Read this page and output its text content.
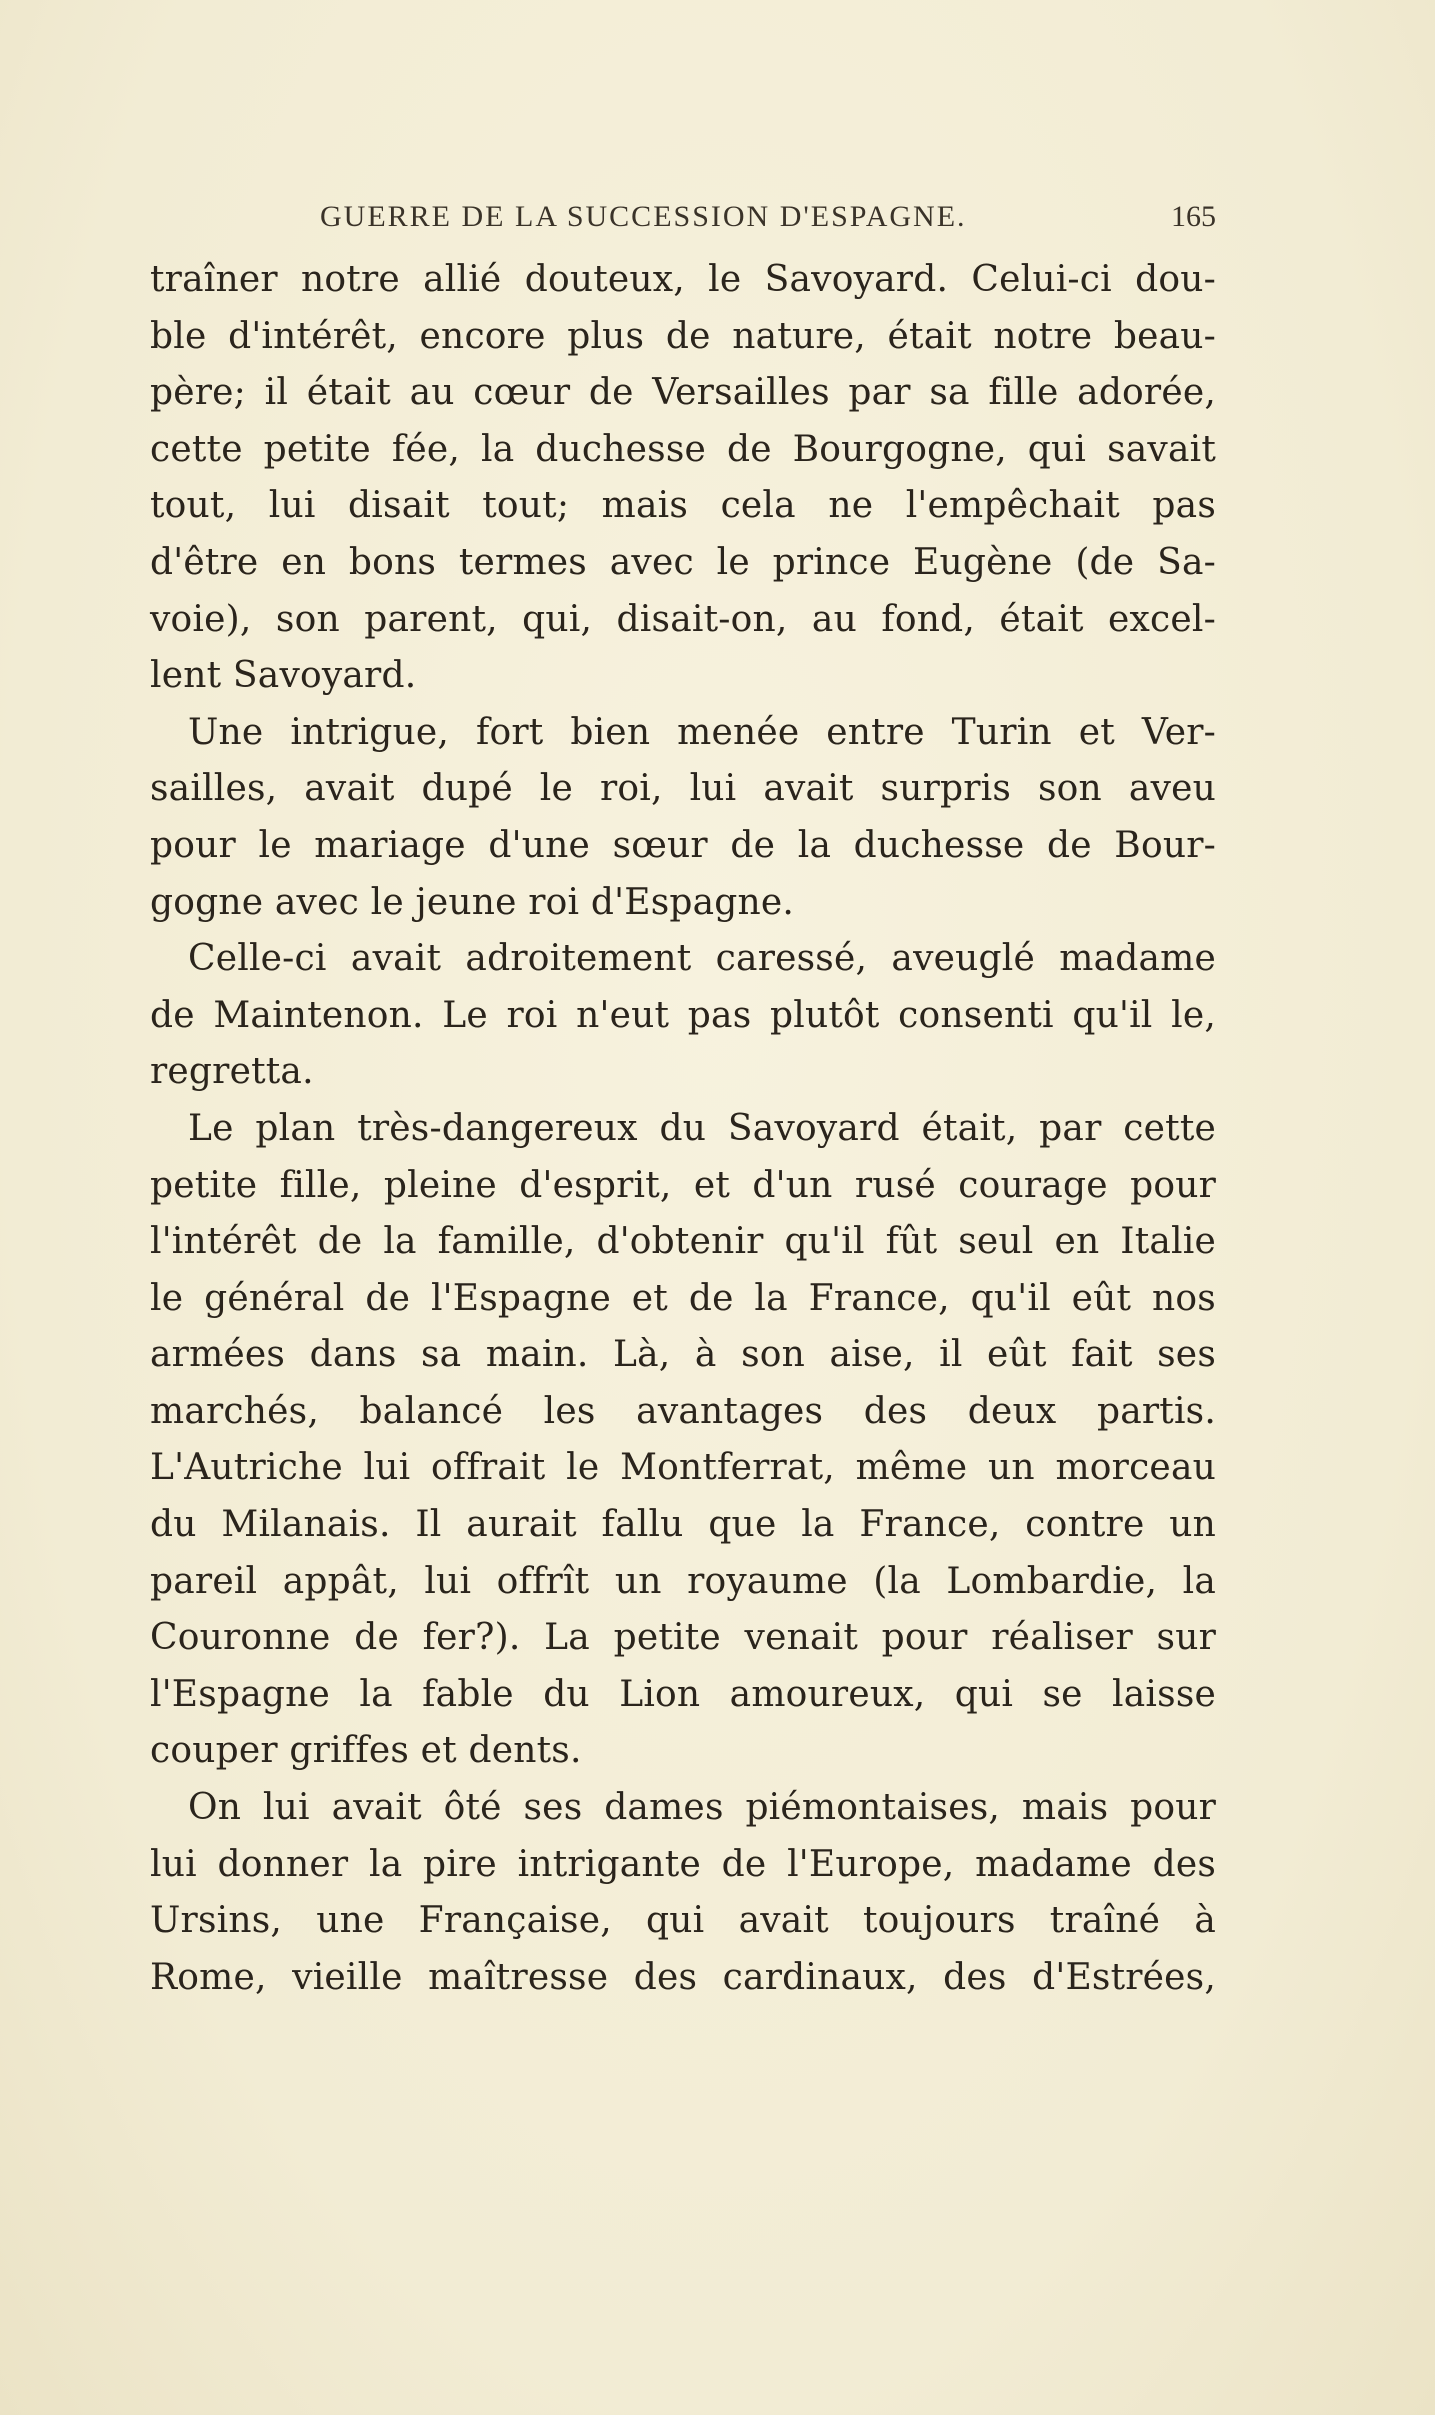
GUERRE DE LA SUCCESSION D'ESPAGNE.	165
traîner notre allié douteux, le Savoyard. Celui-ci dou-
ble d'intérêt, encore plus de nature, était notre beau-
père; il était au cœur de Versailles par sa fille adorée,
cette petite fée, la duchesse de Bourgogne, qui savait
tout, lui disait tout; mais cela ne l'empêchait pas
d'être en bons termes avec le prince Eugène (de Sa-
voie), son parent, qui, disait-on, au fond, était excel-
lent Savoyard.
Une intrigue, fort bien menée entre Turin et Ver-
sailles, avait dupé le roi, lui avait surpris son aveu
pour le mariage d'une sœur de la duchesse de Bour-
gogne avec le jeune roi d'Espagne.
Celle-ci avait adroitement caressé, aveuglé madame
de Maintenon. Le roi n'eut pas plutôt consenti qu'il le,
regretta.
Le plan très-dangereux du Savoyard était, par cette
petite fille, pleine d'esprit, et d'un rusé courage pour
l'intérêt de la famille, d'obtenir qu'il fût seul en Italie
le général de l'Espagne et de la France, qu'il eût nos
armées dans sa main. Là, à son aise, il eût fait ses
marchés, balancé les avantages des deux partis.
L'Autriche lui offrait le Montferrat, même un morceau
du Milanais. Il aurait fallu que la France, contre un
pareil appât, lui offrît un royaume (la Lombardie, la
Couronne de fer?). La petite venait pour réaliser sur
l'Espagne la fable du Lion amoureux, qui se laisse
couper griffes et dents.
On lui avait ôté ses dames piémontaises, mais pour
lui donner la pire intrigante de l'Europe, madame des
Ursins, une Française, qui avait toujours traîné à
Rome, vieille maîtresse des cardinaux, des d'Estrées,
